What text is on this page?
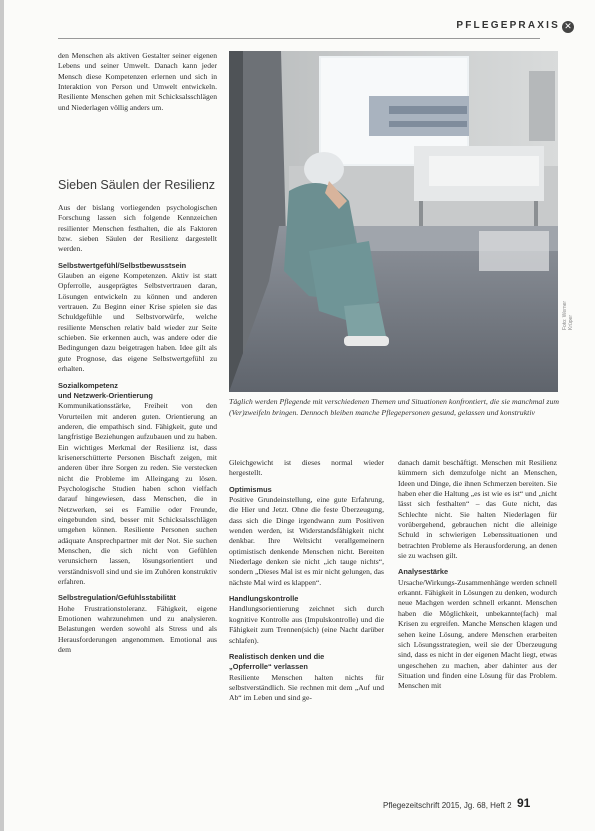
PFLEGEPRAXIS ✕

den Menschen als aktiven Gestalter seiner eigenen Lebens und seiner Umwelt. Danach kann jeder Mensch diese Kompetenzen erlernen und sich in Interaktion von Person und Umwelt entwickeln. Resiliente Menschen gehen mit Schicksalsschlägen und Niederlagen völlig anders um.

Sieben Säulen der Resilienz

Aus der bislang vorliegenden psychologischen Forschung lassen sich folgende Kennzeichen resilienter Menschen festhalten, die als Faktoren bzw. sieben Säulen der Resilienz dargestellt werden.

Selbstwertgefühl/Selbstbewusstsein

Glauben an eigene Kompetenzen. Aktiv ist statt Opferrolle, ausgeprägtes Selbstvertrauen daran, Lösungen entwickeln zu können und anderen vertrauen. Zu Beginn einer Krise spielen sie das Schuldgefühle und Selbstvorwürfe, welche resiliente Menschen relativ bald wieder zur Seite schieben. Sie erkennen auch, was andere oder die Bedingungen dazu beigetragen haben. Idee gilt als gute Prognose, das eigene Selbstwertgefühl zu erhalten.

Sozialkompetenz
und Netzwerk-Orientierung

Kommunikationsstärke, Freiheit von den Vorurteilen mit anderen guten. Orientierung an anderen, die empathisch sind. Fähigkeit, gute und langfristige Beziehungen aufzubauen und zu haben. Ein wichtiges Merkmal der Resilienz ist, dass krisenerschütterte Personen Bischaft zeigen, mit anderen über ihre Sorgen zu reden. Sie verstecken nicht die Probleme im Alleingang zu lösen. Psychologische Studien haben schon vielfach darauf hingewiesen, dass Menschen, die in Netzwerken, sei es Familie oder Freunde, eingebunden sind, besser mit Schicksalsschlägen umgehen können. Resiliente Personen suchen adäquate Ansprechpartner mit der Not. Sie suchen Menschen, die sich nicht von Gefühlen verunsichern lassen, lösungsorientiert und verständnisvoll sind und sie im Zuhören konstruktiv erfahren.

Selbstregulation/Gefühlsstabilität

Hohe Frustrationstoleranz. Fähigkeit, eigene Emotionen wahrzunehmen und zu analysieren. Belastungen werden sowohl als Stress und als Herausforderungen angenommen. Emotional aus dem

Foto: Werner Krüper
Täglich werden Pflegende mit verschiedenen Themen und Situationen konfrontiert, die sie manchmal zum (Ver)zweifeln bringen. Dennoch bleiben manche Pflegepersonen gesund, gelassen und konstruktiv

Gleichgewicht ist dieses normal wieder hergestellt.

Optimismus

Positive Grundeinstellung, eine gute Erfahrung, die Hier und Jetzt. Ohne die feste Überzeugung, dass sich die Dinge irgendwann zum Positiven wenden werden, ist Widerstandsfähigkeit nicht denkbar. Ihre Weltsicht verallgemeinern optimistisch denkende Menschen nicht. Bereiten Niederlage denken sie nicht „ich tauge nichts“, sondern „Dieses Mal ist es mir nicht gelungen, das nächste Mal wird es klappen“.

Handlungskontrolle

Handlungsorientierung zeichnet sich durch kognitive Kontrolle aus (Impulskontrolle) und die Fähigkeit zum Trennen(sich) (eine Nacht darüber schlafen).

Realistisch denken und die
„Opferrolle“ verlassen

Resiliente Menschen halten nichts für selbstverständlich. Sie rechnen mit dem „Auf und Ab“ im Leben und sind ge-

danach damit beschäftigt. Menschen mit Resilienz kümmern sich demzufolge nicht an Menschen, Ideen und Dinge, die ihnen Schmerzen bereiten. Sie haben eher die Haltung „es ist wie es ist“ und „nicht lässt sich festhalten“ – das Gute nicht, das Schlechte nicht. Sie halten Niederlagen für vorübergehend, gebrauchen nicht die alleinige Schuld in schwierigen Lebenssituationen und betrachten Probleme als Herausforderung, an denen sie zu wachsen gilt.

Analysestärke

Ursache/Wirkungs-Zusammenhänge werden schnell erkannt. Fähigkeit in Lösungen zu denken, wodurch neue Machgen werden schnell erkannt. Menschen haben die Möglichkeit, unbekannte(fach) mal Krisen zu ergreifen. Manche Menschen klagen und sehen keine Lösung, andere Menschen erarbeiten sich Lösungsstrategien, weil sie der Überzeugung sind, dass es nicht in der eigenen Macht liegt, etwas ungeschehen zu machen, aber dahinter aus der Situation und finden eine Lösung für das Problem. Menschen mit

Pflegezeitschrift 2015, Jg. 68, Heft 2 91
